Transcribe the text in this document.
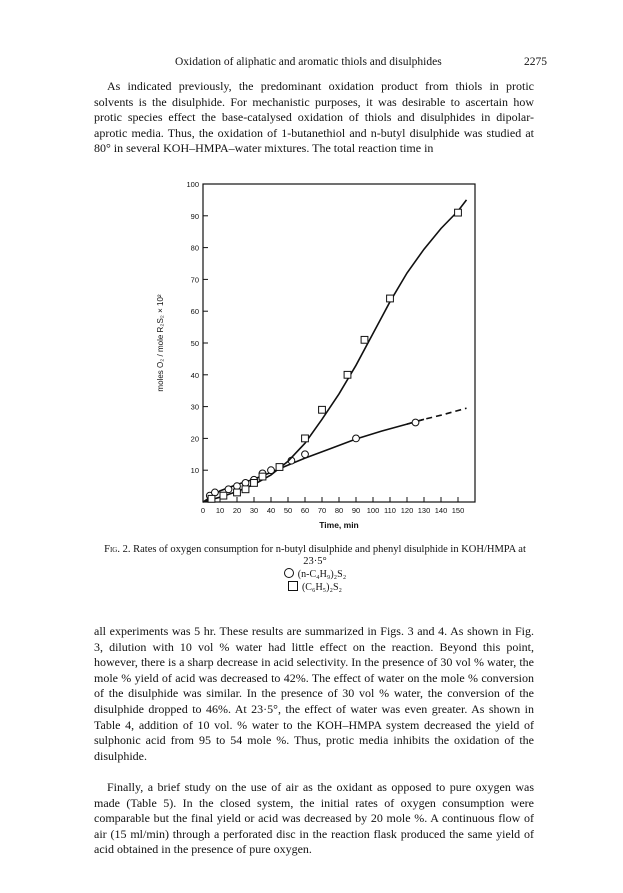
Oxidation of aliphatic and aromatic thiols and disulphides	2275

As indicated previously, the predominant oxidation product from thiols in protic solvents is the disulphide. For mechanistic purposes, it was desirable to ascertain how protic species effect the base-catalysed oxidation of thiols and disulphides in dipolar-aprotic media. Thus, the oxidation of 1-butanethiol and n-butyl disulphide was studied at 80° in several KOH–HMPA–water mixtures. The total reaction time in

0 10 20 30 40 50 60 70 80 90 100 110 120 130 140 150
10
20
30
40
50
60
70
80
90
100
Time, min
moles O₂ / mole R₂S₂ × 10²
Fig. 2. Rates of oxygen consumption for n-butyl disulphide and phenyl disulphide in KOH/HMPA at 23·5°
(n-C₄H₉)₂S₂
(C₆H₅)₂S₂

all experiments was 5 hr. These results are summarized in Figs. 3 and 4. As shown in Fig. 3, dilution with 10 vol % water had little effect on the reaction. Beyond this point, however, there is a sharp decrease in acid selectivity. In the presence of 30 vol % water, the mole % yield of acid was decreased to 42%. The effect of water on the mole % conversion of the disulphide was similar. In the presence of 30 vol % water, the conversion of the disulphide dropped to 46%. At 23·5°, the effect of water was even greater. As shown in Table 4, addition of 10 vol. % water to the KOH–HMPA system decreased the yield of sulphonic acid from 95 to 54 mole %. Thus, protic media inhibits the oxidation of the disulphide.

Finally, a brief study on the use of air as the oxidant as opposed to pure oxygen was made (Table 5). In the closed system, the initial rates of oxygen consumption were comparable but the final yield or acid was decreased by 20 mole %. A continuous flow of air (15 ml/min) through a perforated disc in the reaction flask produced the same yield of acid obtained in the presence of pure oxygen.
